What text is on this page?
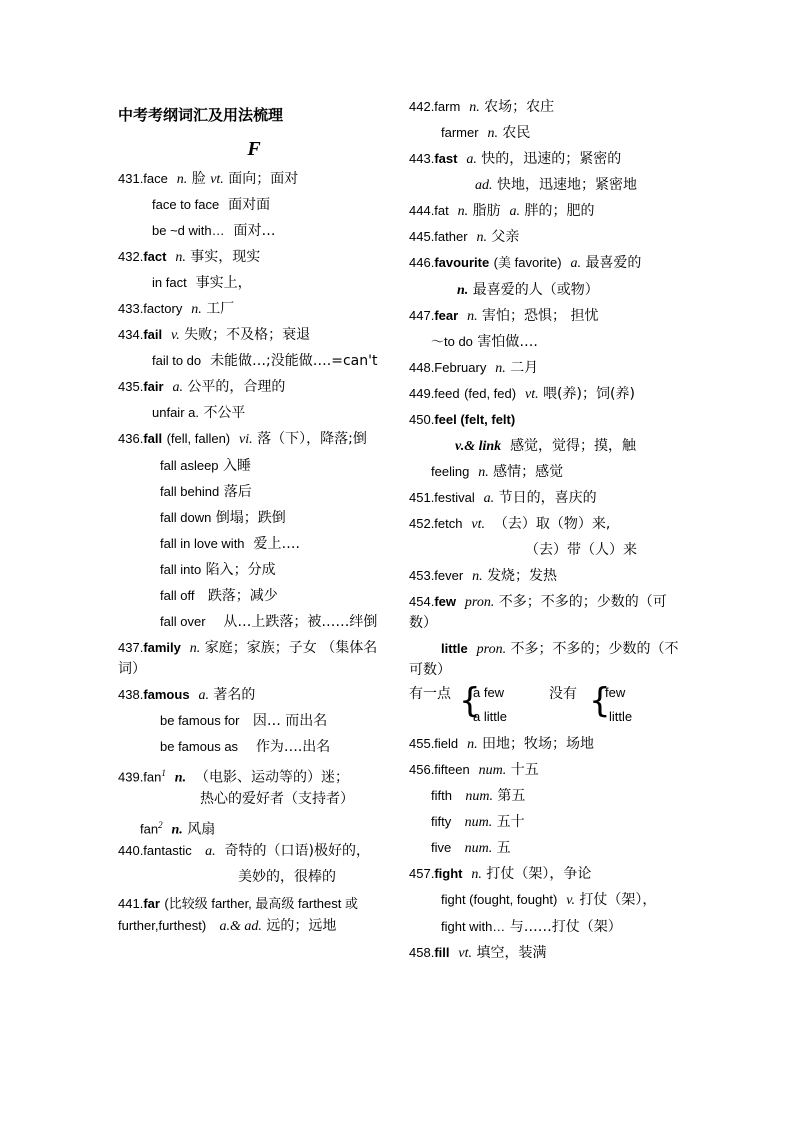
中考考纲词汇及用法梳理
F
431.face n. 脸 vt. 面向；面对
face to face 面对面
be ~d with… 面对…
432.fact n. 事实，现实
in fact 事实上，
433.factory n. 工厂
434.fail v. 失败；不及格；衰退
fail to do 未能做…;没能做….=can't
435.fair a. 公平的，合理的
unfair a. 不公平
436.fall (fell, fallen) vi. 落（下），降落;倒
fall asleep 入睡
fall behind 落后
fall down 倒塌；跌倒
fall in love with 爱上….
fall into 陷入；分成
fall off 跌落；减少
fall over 从…上跌落；被……绊倒
437.family n. 家庭；家族；子女 （集体名词）
438.famous a. 著名的
be famous for 因… 而出名
be famous as 作为….出名
439.fan$^1$ n. （电影、运动等的）迷；
热心的爱好者（支持者）
fan$^2$ n. 风扇
440.fantastic a. 奇特的（口语)极好的，
美妙的，很棒的
441.far (比较级 farther, 最高级 farthest 或 further,furthest) a.& ad. 远的；远地
442.farm n. 农场；农庄
farmer n. 农民
443.fast a. 快的，迅速的；紧密的
ad. 快地，迅速地；紧密地
444.fat n. 脂肪 a. 胖的；肥的
445.father n. 父亲
446.favourite (美 favorite) a. 最喜爱的
n. 最喜爱的人（或物）
447.fear n. 害怕；恐惧； 担忧
～to do 害怕做….
448.February n. 二月
449.feed (fed, fed) vt. 喂(养)；饲(养)
450.feel (felt, felt)
v.& link 感觉，觉得；摸，触
feeling n. 感情；感觉
451.festival a. 节日的，喜庆的
452.fetch vt. （去）取（物）来,
（去）带（人）来
453.fever n. 发烧；发热
454.few pron. 不多；不多的；少数的（可数）
little pron. 不多；不多的；少数的（不可数）
有一点 {
a few
a little
没有 {
few
little
455.field n. 田地；牧场；场地
456.fifteen num. 十五
fifth num. 第五
fifty num. 五十
five num. 五
457.fight n. 打仗（架），争论
fight (fought, fought) v. 打仗（架），
fight with… 与……打仗（架）
458.fill vt. 填空，装满
